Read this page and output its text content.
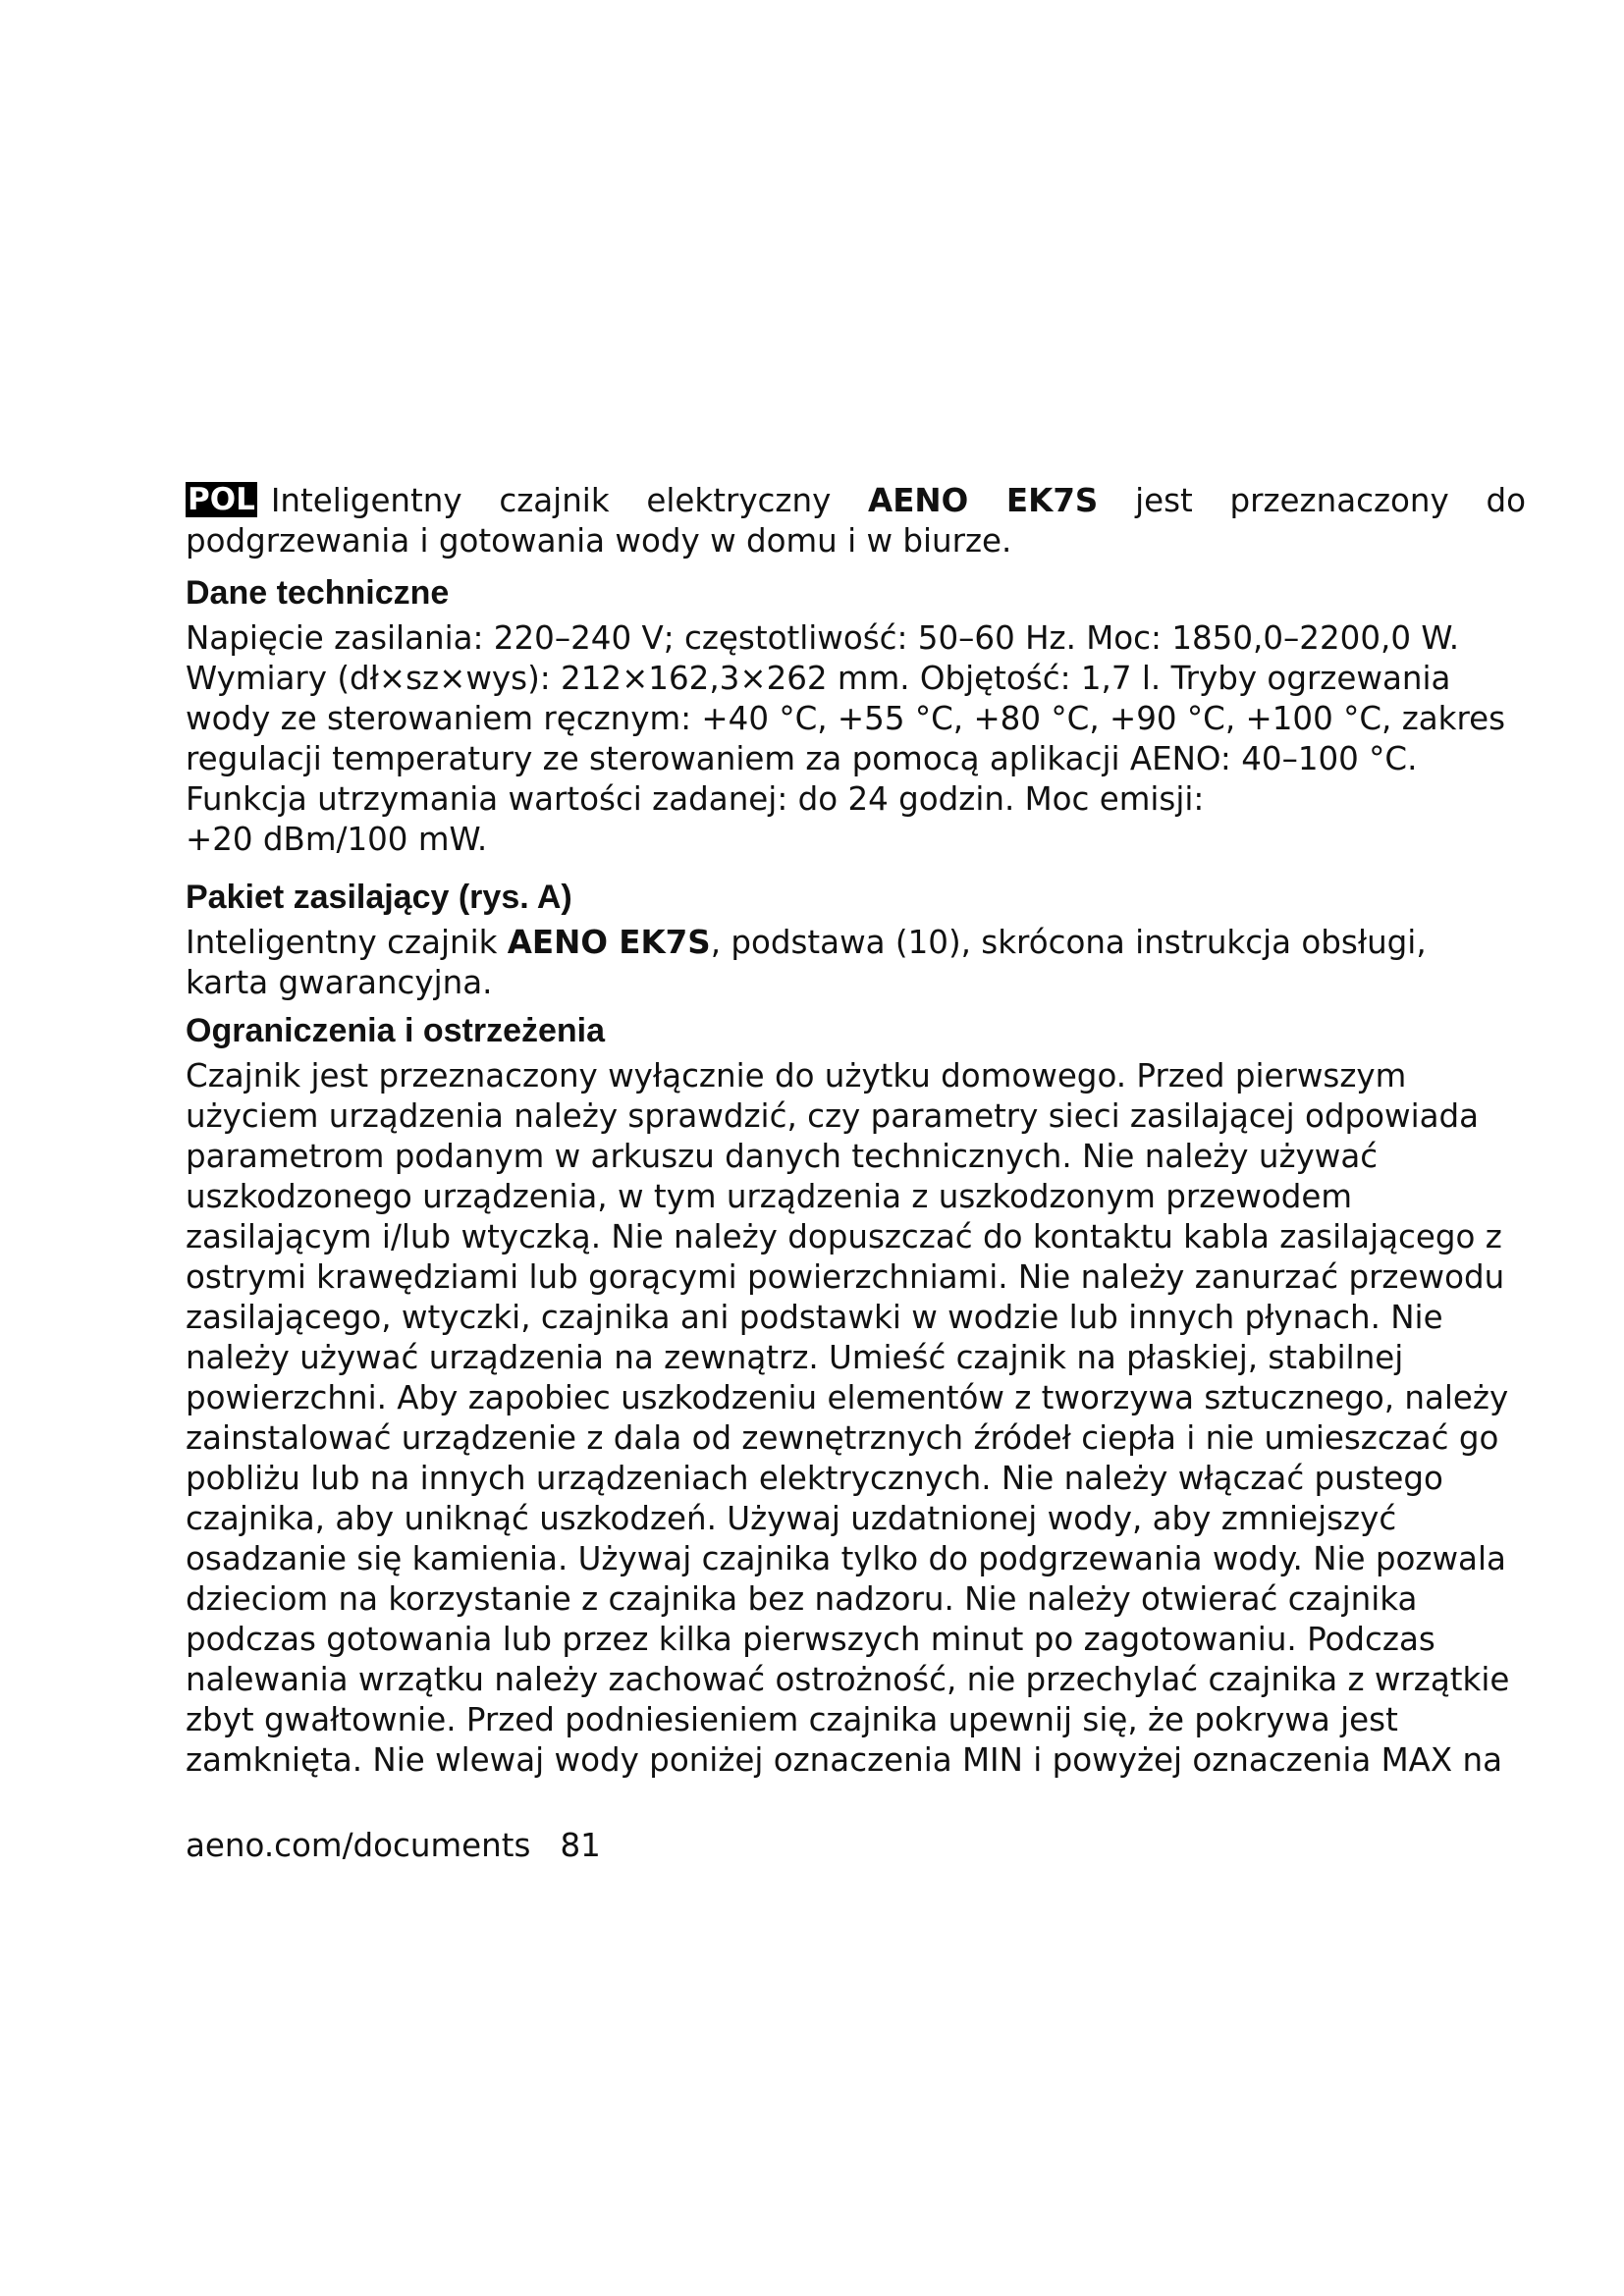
POL Inteligentny czajnik elektryczny AENO EK7S jest przeznaczony do
podgrzewania i gotowania wody w domu i w biurze.
Dane techniczne
Napięcie zasilania: 220–240 V; częstotliwość: 50–60 Hz. Moc: 1850,0–2200,0 W.
Wymiary (dł×sz×wys): 212×162,3×262 mm. Objętość: 1,7 l. Tryby ogrzewania
wody ze sterowaniem ręcznym: +40 °C, +55 °C, +80 °C, +90 °C, +100 °C, zakres
regulacji temperatury ze sterowaniem za pomocą aplikacji AENO: 40–100 °C.
Funkcja utrzymania wartości zadanej: do 24 godzin. Moc emisji:
+20 dBm/100 mW.
Pakiet zasilający (rys. A)
Inteligentny czajnik AENO EK7S, podstawa (10), skrócona instrukcja obsługi,
karta gwarancyjna.
Ograniczenia i ostrzeżenia
Czajnik jest przeznaczony wyłącznie do użytku domowego. Przed pierwszym
użyciem urządzenia należy sprawdzić, czy parametry sieci zasilającej odpowiada
parametrom podanym w arkuszu danych technicznych. Nie należy używać
uszkodzonego urządzenia, w tym urządzenia z uszkodzonym przewodem
zasilającym i/lub wtyczką. Nie należy dopuszczać do kontaktu kabla zasilającego z
ostrymi krawędziami lub gorącymi powierzchniami. Nie należy zanurzać przewodu
zasilającego, wtyczki, czajnika ani podstawki w wodzie lub innych płynach. Nie
należy używać urządzenia na zewnątrz. Umieść czajnik na płaskiej, stabilnej
powierzchni. Aby zapobiec uszkodzeniu elementów z tworzywa sztucznego, należy
zainstalować urządzenie z dala od zewnętrznych źródeł ciepła i nie umieszczać go
pobliżu lub na innych urządzeniach elektrycznych. Nie należy włączać pustego
czajnika, aby uniknąć uszkodzeń. Używaj uzdatnionej wody, aby zmniejszyć
osadzanie się kamienia. Używaj czajnika tylko do podgrzewania wody. Nie pozwala
dzieciom na korzystanie z czajnika bez nadzoru. Nie należy otwierać czajnika
podczas gotowania lub przez kilka pierwszych minut po zagotowaniu. Podczas
nalewania wrzątku należy zachować ostrożność, nie przechylać czajnika z wrzątkie
zbyt gwałtownie. Przed podniesieniem czajnika upewnij się, że pokrywa jest
zamknięta. Nie wlewaj wody poniżej oznaczenia MIN i powyżej oznaczenia MAX na
aeno.com/documents 81
